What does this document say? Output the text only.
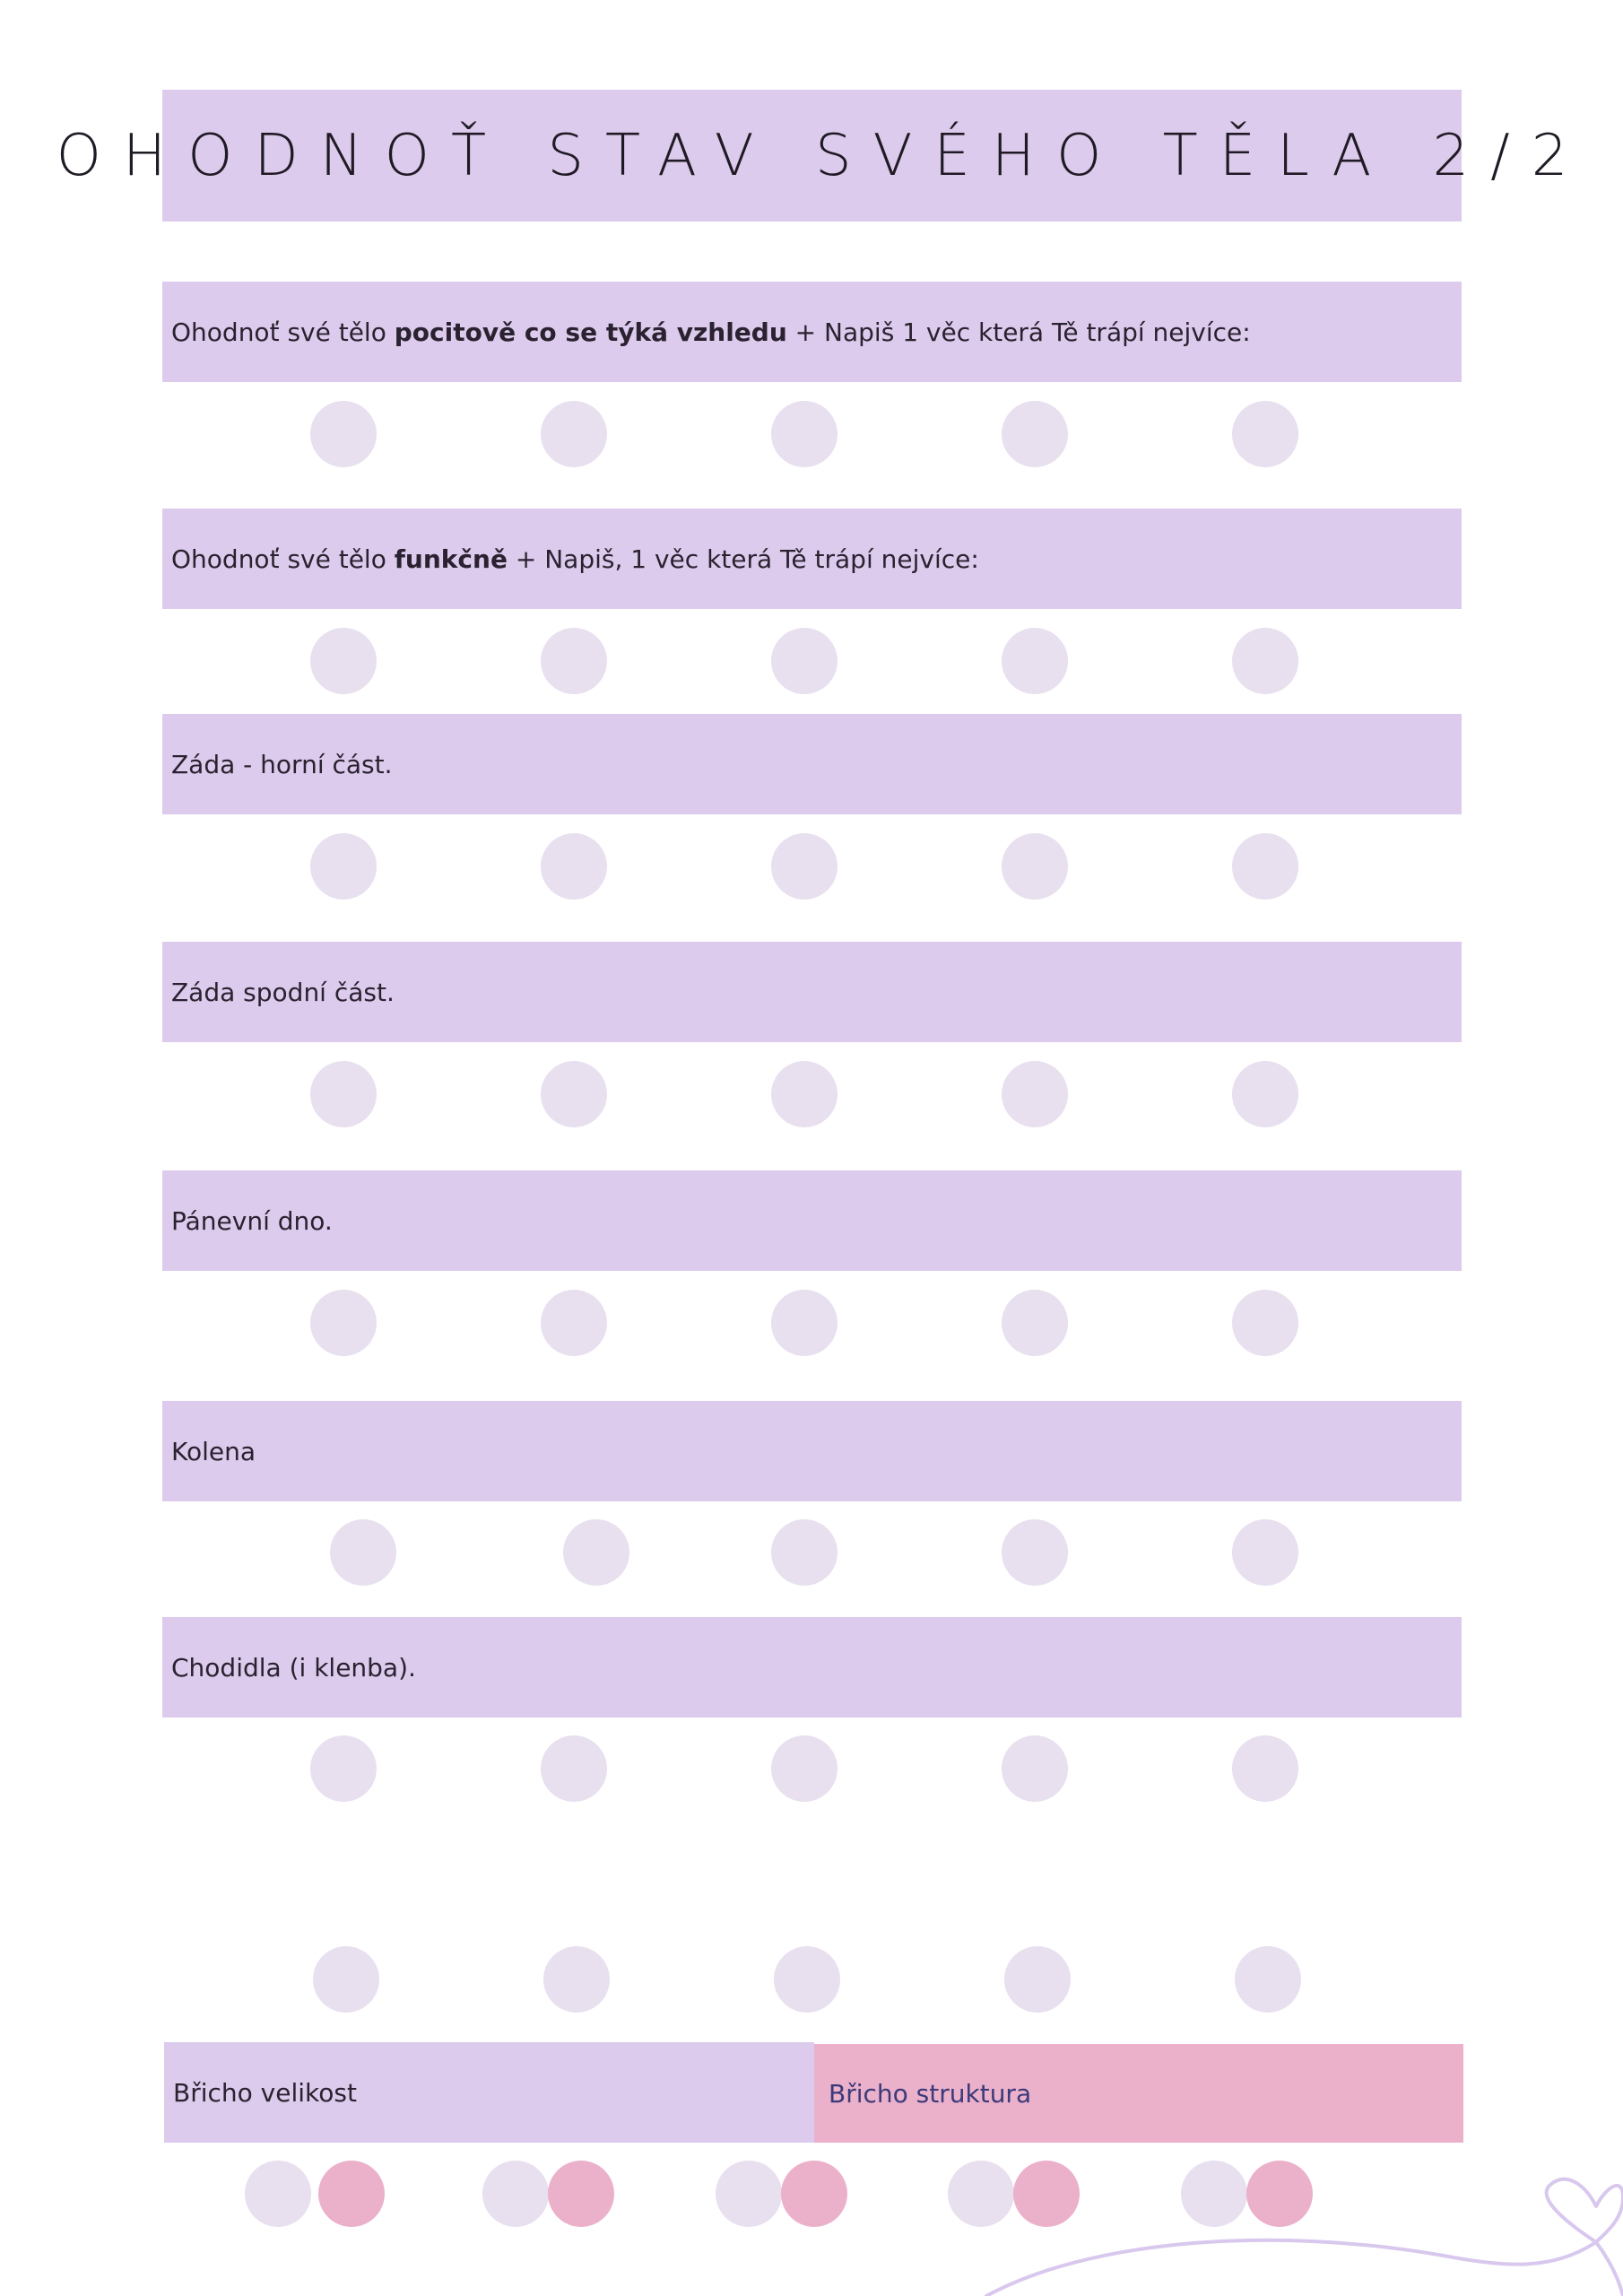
OHODNOŤ STAV SVÉHO TĚLA 2/2
Ohodnoť své tělo pocitově co se týká vzhledu + Napiš 1 věc která Tě trápí nejvíce:
Ohodnoť své tělo funkčně + Napiš, 1 věc která Tě trápí nejvíce:
Záda - horní část.
Záda spodní část.
Pánevní dno.
Kolena
Chodidla (i klenba).
Břicho velikost	Břicho struktura
